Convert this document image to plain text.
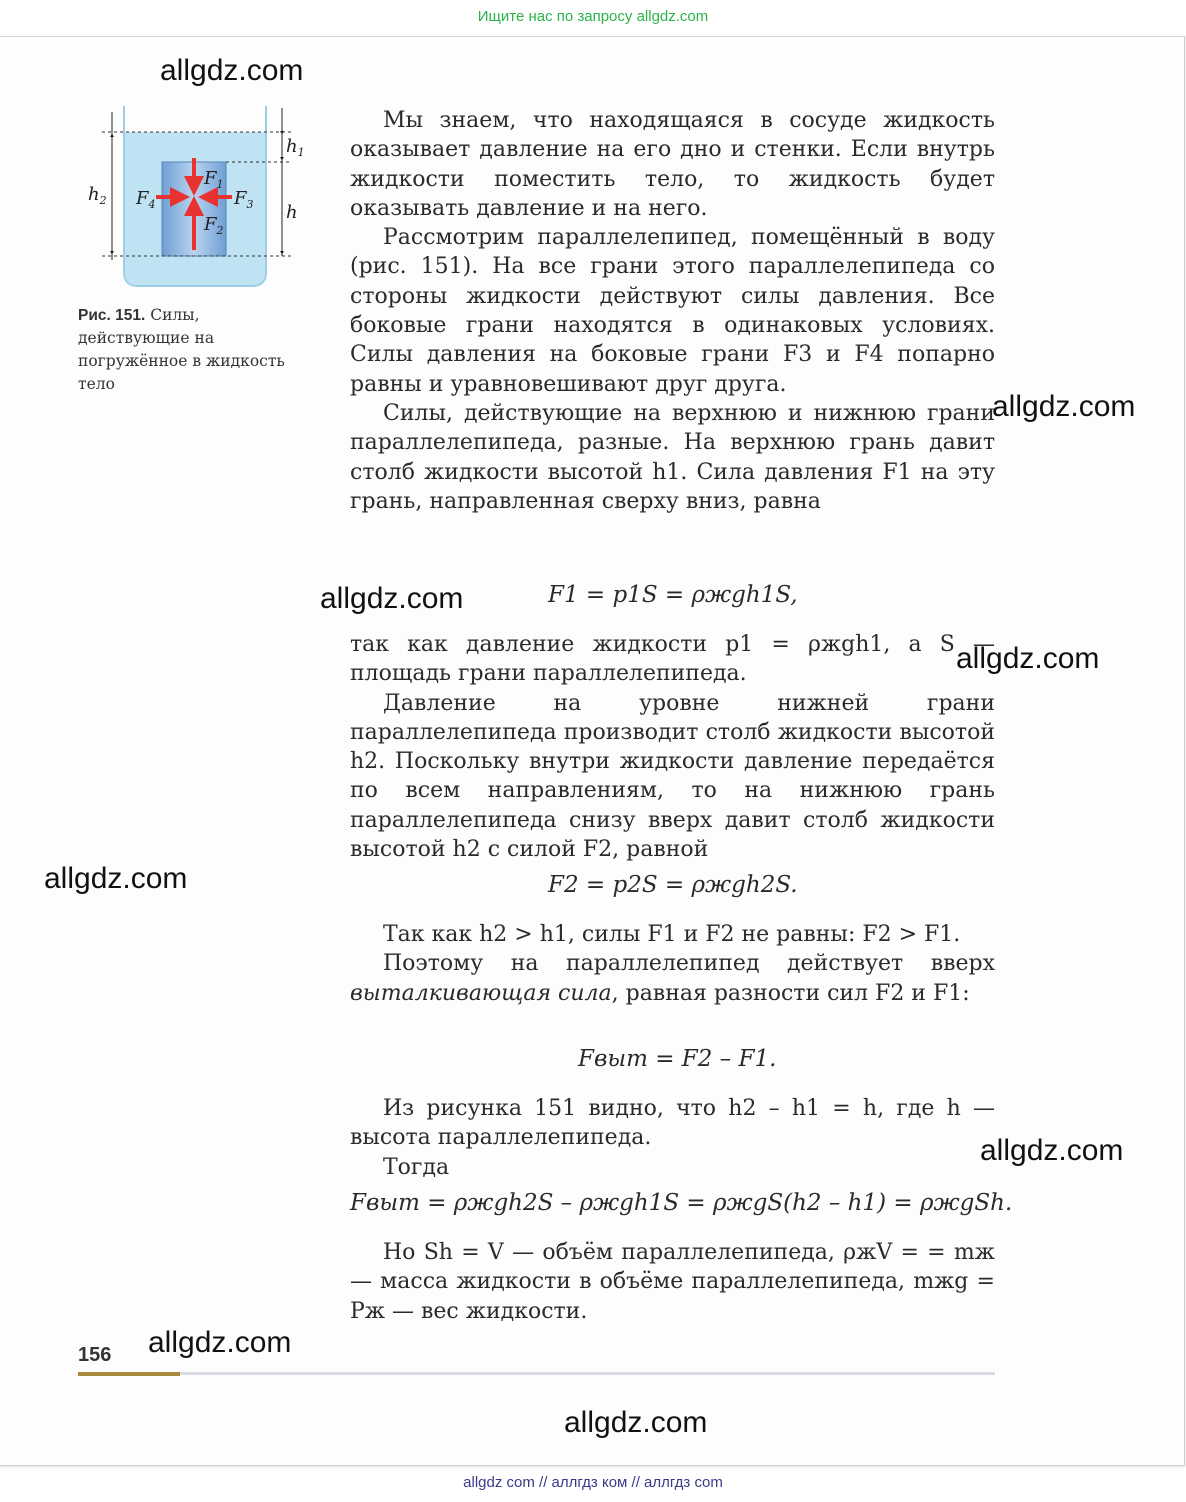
Ищите нас по запросу allgdz.com
allgdz.com
allgdz.com
allgdz.com
allgdz.com
allgdz.com
allgdz.com
allgdz.com
allgdz.com
$h_2$
$h_1$
h
$F_4$
$F_1$
$F_2$
$F_3$
Рис. 151. Силы, действующие на погружённое в жидкость тело

Мы знаем, что находящаяся в сосуде жидкость оказывает давление на его дно и стенки. Если внутрь жидкости поместить тело, то жидкость будет оказывать давление и на него.

Рассмотрим параллелепипед, помещённый в воду (рис. 151). На все грани этого параллелепипеда со стороны жидкости действуют силы давления. Все боковые грани находятся в одинаковых условиях. Силы давления на боковые грани F3 и F4 попарно равны и уравновешивают друг друга.

Силы, действующие на верхнюю и нижнюю грани параллелепипеда, разные. На верхнюю грань давит столб жидкости высотой h1. Сила давления F1 на эту грань, направленная сверху вниз, равна

F1 = p1S = ρжgh1S,

так как давление жидкости p1 = ρжgh1, а S — площадь грани параллелепипеда.

Давление на уровне нижней грани параллелепипеда производит столб жидкости высотой h2. Поскольку внутри жидкости давление передаётся по всем направлениям, то на нижнюю грань параллелепипеда снизу вверх давит столб жидкости высотой h2 с силой F2, равной

F2 = p2S = ρжgh2S.

Так как h2 > h1, силы F1 и F2 не равны: F2 > F1.

Поэтому на параллелепипед действует вверх выталкивающая сила, равная разности сил F2 и F1:

Fвыт = F2 – F1.

Из рисунка 151 видно, что h2 – h1 = h, где h — высота параллелепипеда.

Тогда

Fвыт = ρжgh2S – ρжgh1S = ρжgS(h2 – h1) = ρжgSh.

Но Sh = V — объём параллелепипеда, ρжV = = mж — масса жидкости в объёме параллелепипеда, mжg = Pж — вес жидкости.

156
allgdz com // аллгдз ком // аллгдз com
